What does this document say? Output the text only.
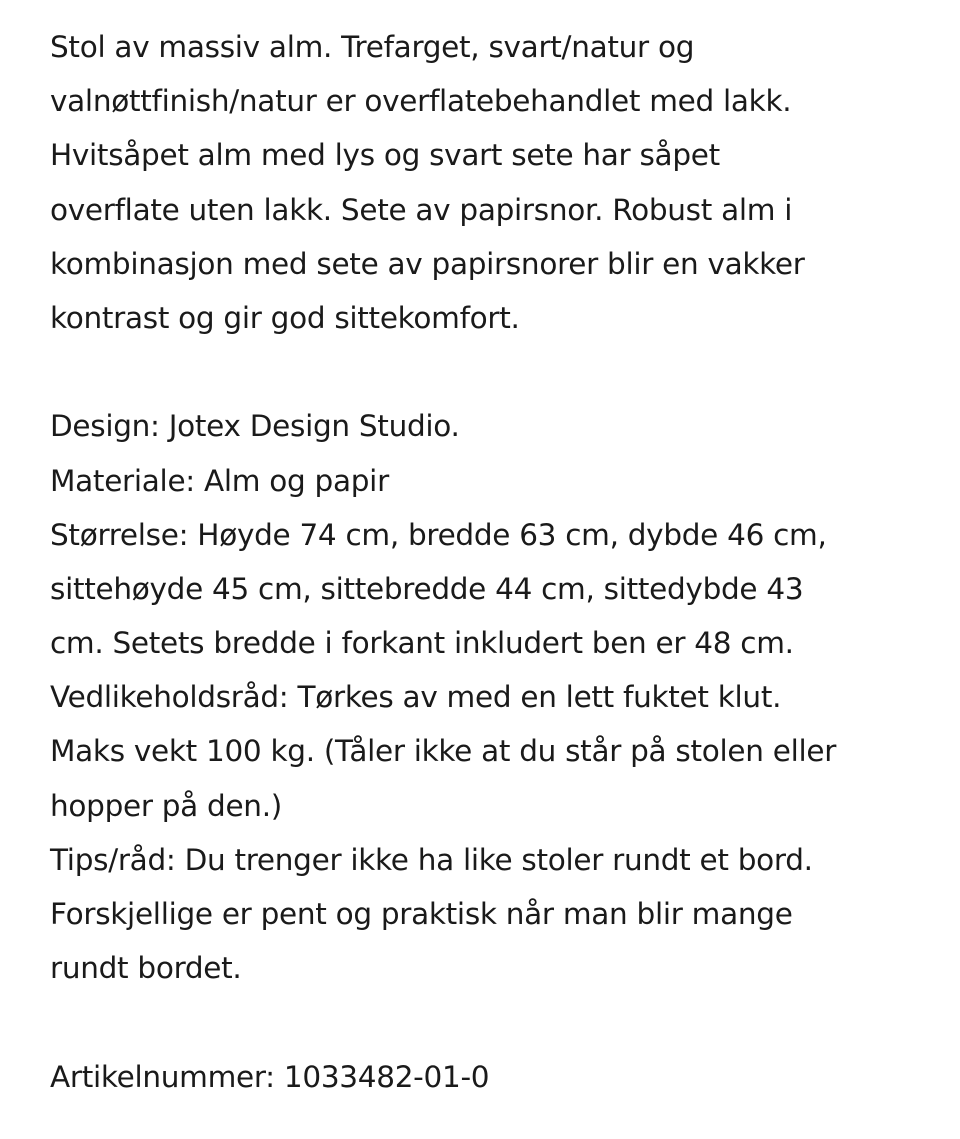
Stol av massiv alm. Trefarget, svart/natur og
valnøttfinish/natur er overflatebehandlet med lakk.
Hvitsåpet alm med lys og svart sete har såpet
overflate uten lakk. Sete av papirsnor. Robust alm i
kombinasjon med sete av papirsnorer blir en vakker
kontrast og gir god sittekomfort.
Design: Jotex Design Studio.
Materiale: Alm og papir
Størrelse: Høyde 74 cm, bredde 63 cm, dybde 46 cm,
sittehøyde 45 cm, sittebredde 44 cm, sittedybde 43
cm. Setets bredde i forkant inkludert ben er 48 cm.
Vedlikeholdsråd: Tørkes av med en lett fuktet klut.
Maks vekt 100 kg. (Tåler ikke at du står på stolen eller
hopper på den.)
Tips/råd: Du trenger ikke ha like stoler rundt et bord.
Forskjellige er pent og praktisk når man blir mange
rundt bordet.
Artikelnummer: 1033482-01-0
